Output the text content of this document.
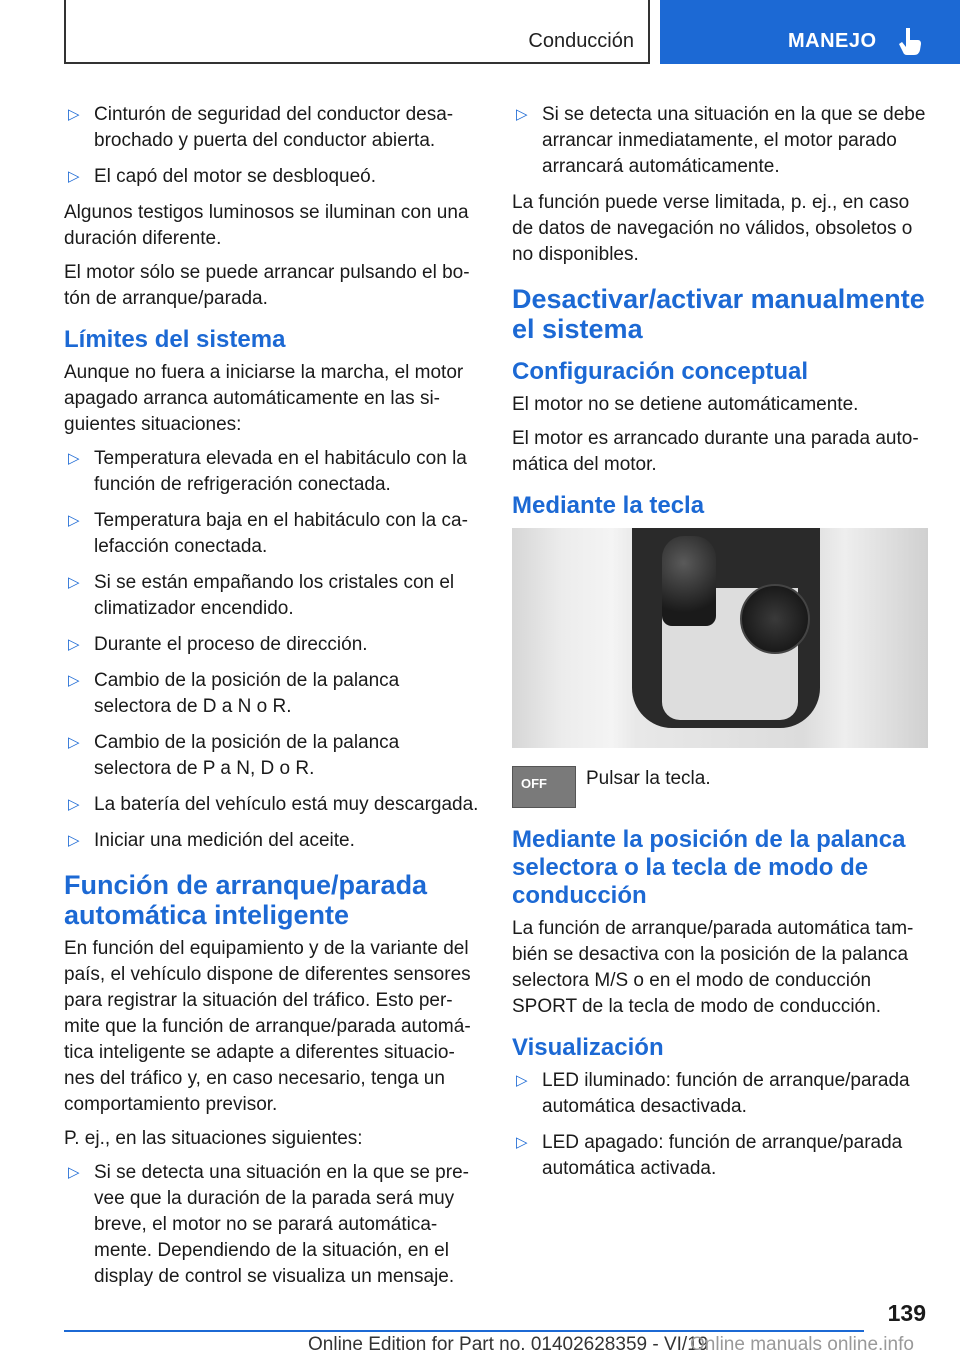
Conducción	MANEJO
▷ Cinturón de seguridad del conductor desa-brochado y puerta del conductor abierta.
▷ El capó del motor se desbloqueó.

Algunos testigos luminosos se iluminan con una duración diferente.

El motor sólo se puede arrancar pulsando el bo-tón de arranque/parada.

Límites del sistema

Aunque no fuera a iniciarse la marcha, el motor apagado arranca automáticamente en las si-guientes situaciones:

▷ Temperatura elevada en el habitáculo con la función de refrigeración conectada.
▷ Temperatura baja en el habitáculo con la ca-lefacción conectada.
▷ Si se están empañando los cristales con el climatizador encendido.
▷ Durante el proceso de dirección.
▷ Cambio de la posición de la palanca selectora de D a N o R.
▷ Cambio de la posición de la palanca selectora de P a N, D o R.
▷ La batería del vehículo está muy descargada.
▷ Iniciar una medición del aceite.
Función de arranque/parada automática inteligente

En función del equipamiento y de la variante del país, el vehículo dispone de diferentes sensores para registrar la situación del tráfico. Esto per-mite que la función de arranque/parada automá-tica inteligente se adapte a diferentes situacio-nes del tráfico y, en caso necesario, tenga un comportamiento previsor.

P. ej., en las situaciones siguientes:

▷ Si se detecta una situación en la que se pre-vee que la duración de la parada será muy breve, el motor no se parará automática-mente. Dependiendo de la situación, en el display de control se visualiza un mensaje.
▷ Si se detecta una situación en la que se debe arrancar inmediatamente, el motor parado arrancará automáticamente.

La función puede verse limitada, p. ej., en caso de datos de navegación no válidos, obsoletos o no disponibles.

Desactivar/activar manualmente el sistema
Configuración conceptual

El motor no se detiene automáticamente.

El motor es arrancado durante una parada auto-mática del motor.

Mediante la tecla
OFF Pulsar la tecla.
Mediante la posición de la palanca selectora o la tecla de modo de conducción

La función de arranque/parada automática tam-bién se desactiva con la posición de la palanca selectora M/S o en el modo de conducción SPORT de la tecla de modo de conducción.

Visualización
▷ LED iluminado: función de arranque/parada automática desactivada.
▷ LED apagado: función de arranque/parada automática activada.
139
Online Edition for Part no. 01402628359 - VI/19
Online manuals online.info
